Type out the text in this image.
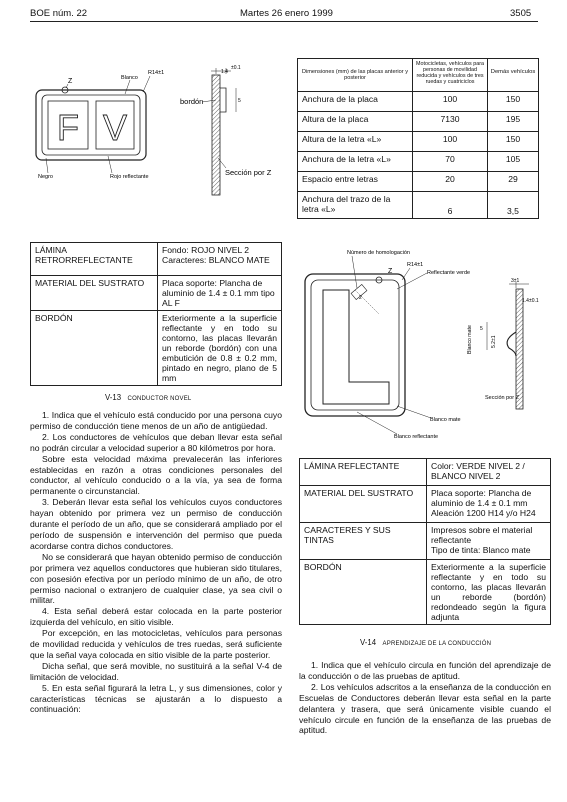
BOE núm. 22	Martes 26 enero 1999	3505
F V
Z	Blanco
R14±1
Negro	Rojo reflectante
bordón
1.4
±0.1
5
Sección por Z
Dimensiones (mm) de las placas anterior y posterior	Motocicletas, vehículos para personas de movilidad reducida y vehículos de tres ruedas y cuatriciclos	Demás vehículos
Anchura de la placa	100	150
Altura de la placa	7130	195
Altura de la letra «L»	100	150
Anchura de la letra «L»	70	105
Espacio entre letras	20	29
Anchura del trazo de la letra «L»	6	3,5
LÁMINA RETRORREFLECTANTE	Fondo: ROJO NIVEL 2
Caracteres: BLANCO MATE
MATERIAL DEL SUSTRATO	Placa soporte: Plancha de aluminio de 1.4 ± 0.1 mm tipo AL F
BORDÓN	Exteriormente a la superficie reflectante y en todo su contorno, las placas llevarán un reborde (bordón) con una embutición de 0.8 ± 0.2 mm, pintado en negro, plano de 5 mm
V-13 CONDUCTOR NOVEL

1. Indica que el vehículo está conducido por una persona cuyo permiso de conducción tiene menos de un año de antigüedad.

2. Los conductores de vehículos que deban llevar esta señal no podrán circular a velocidad superior a 80 kilómetros por hora.

Sobre esta velocidad máxima prevalecerán las inferiores establecidas en razón a otras condiciones personales del conductor, al vehículo conducido o a la vía, ya sea de forma permanente o circunstancial.

3. Deberán llevar esta señal los vehículos cuyos conductores hayan obtenido por primera vez un permiso de conducción durante el período de un año, que se considerará ampliado por el período de suspensión e intervención del permiso que pueda acordarse contra dichos conductores.

No se considerará que hayan obtenido permiso de conducción por primera vez aquellos conductores que hubieran sido titulares, con posesión efectiva por un período mínimo de un año, de otro permiso nacional o extranjero de cualquier clase, ya sea civil o militar.

4. Esta señal deberá estar colocada en la parte posterior izquierda del vehículo, en sitio visible.

Por excepción, en las motocicletas, vehículos para personas de movilidad reducida y vehículos de tres ruedas, será suficiente que la señal vaya colocada en sitio visible de la parte posterior.

Dicha señal, que será movible, no sustituirá a la señal V-4 de limitación de velocidad.

5. En esta señal figurará la letra L, y sus dimensiones, color y características técnicas se ajustarán a lo dispuesto a continuación:

Número de homologación
R14±1
Z	Reflectante verde
2
Blanco mate
Blanco reflectante
3±1
1.4±0.1
Blanco mate 5
5.2±1
Sección por Z
LÁMINA REFLECTANTE	Color: VERDE NIVEL 2 / BLANCO NIVEL 2
MATERIAL DEL SUSTRATO	Placa soporte: Plancha de aluminio de 1.4 ± 0.1 mm Aleación 1200 H14 y/o H24
CARACTERES Y SUS TINTAS	Impresos sobre el material reflectante
Tipo de tinta: Blanco mate
BORDÓN	Exteriormente a la superficie reflectante y en todo su contorno, las placas llevarán un reborde (bordón) redondeado según la figura adjunta
V-14 APRENDIZAJE DE LA CONDUCCIÓN

1. Indica que el vehículo circula en función del aprendizaje de la conducción o de las pruebas de aptitud.

2. Los vehículos adscritos a la enseñanza de la conducción en Escuelas de Conductores deberán llevar esta señal en la parte delantera y trasera, que será únicamente visible cuando el vehículo circule en función de la enseñanza de las pruebas de aptitud.
